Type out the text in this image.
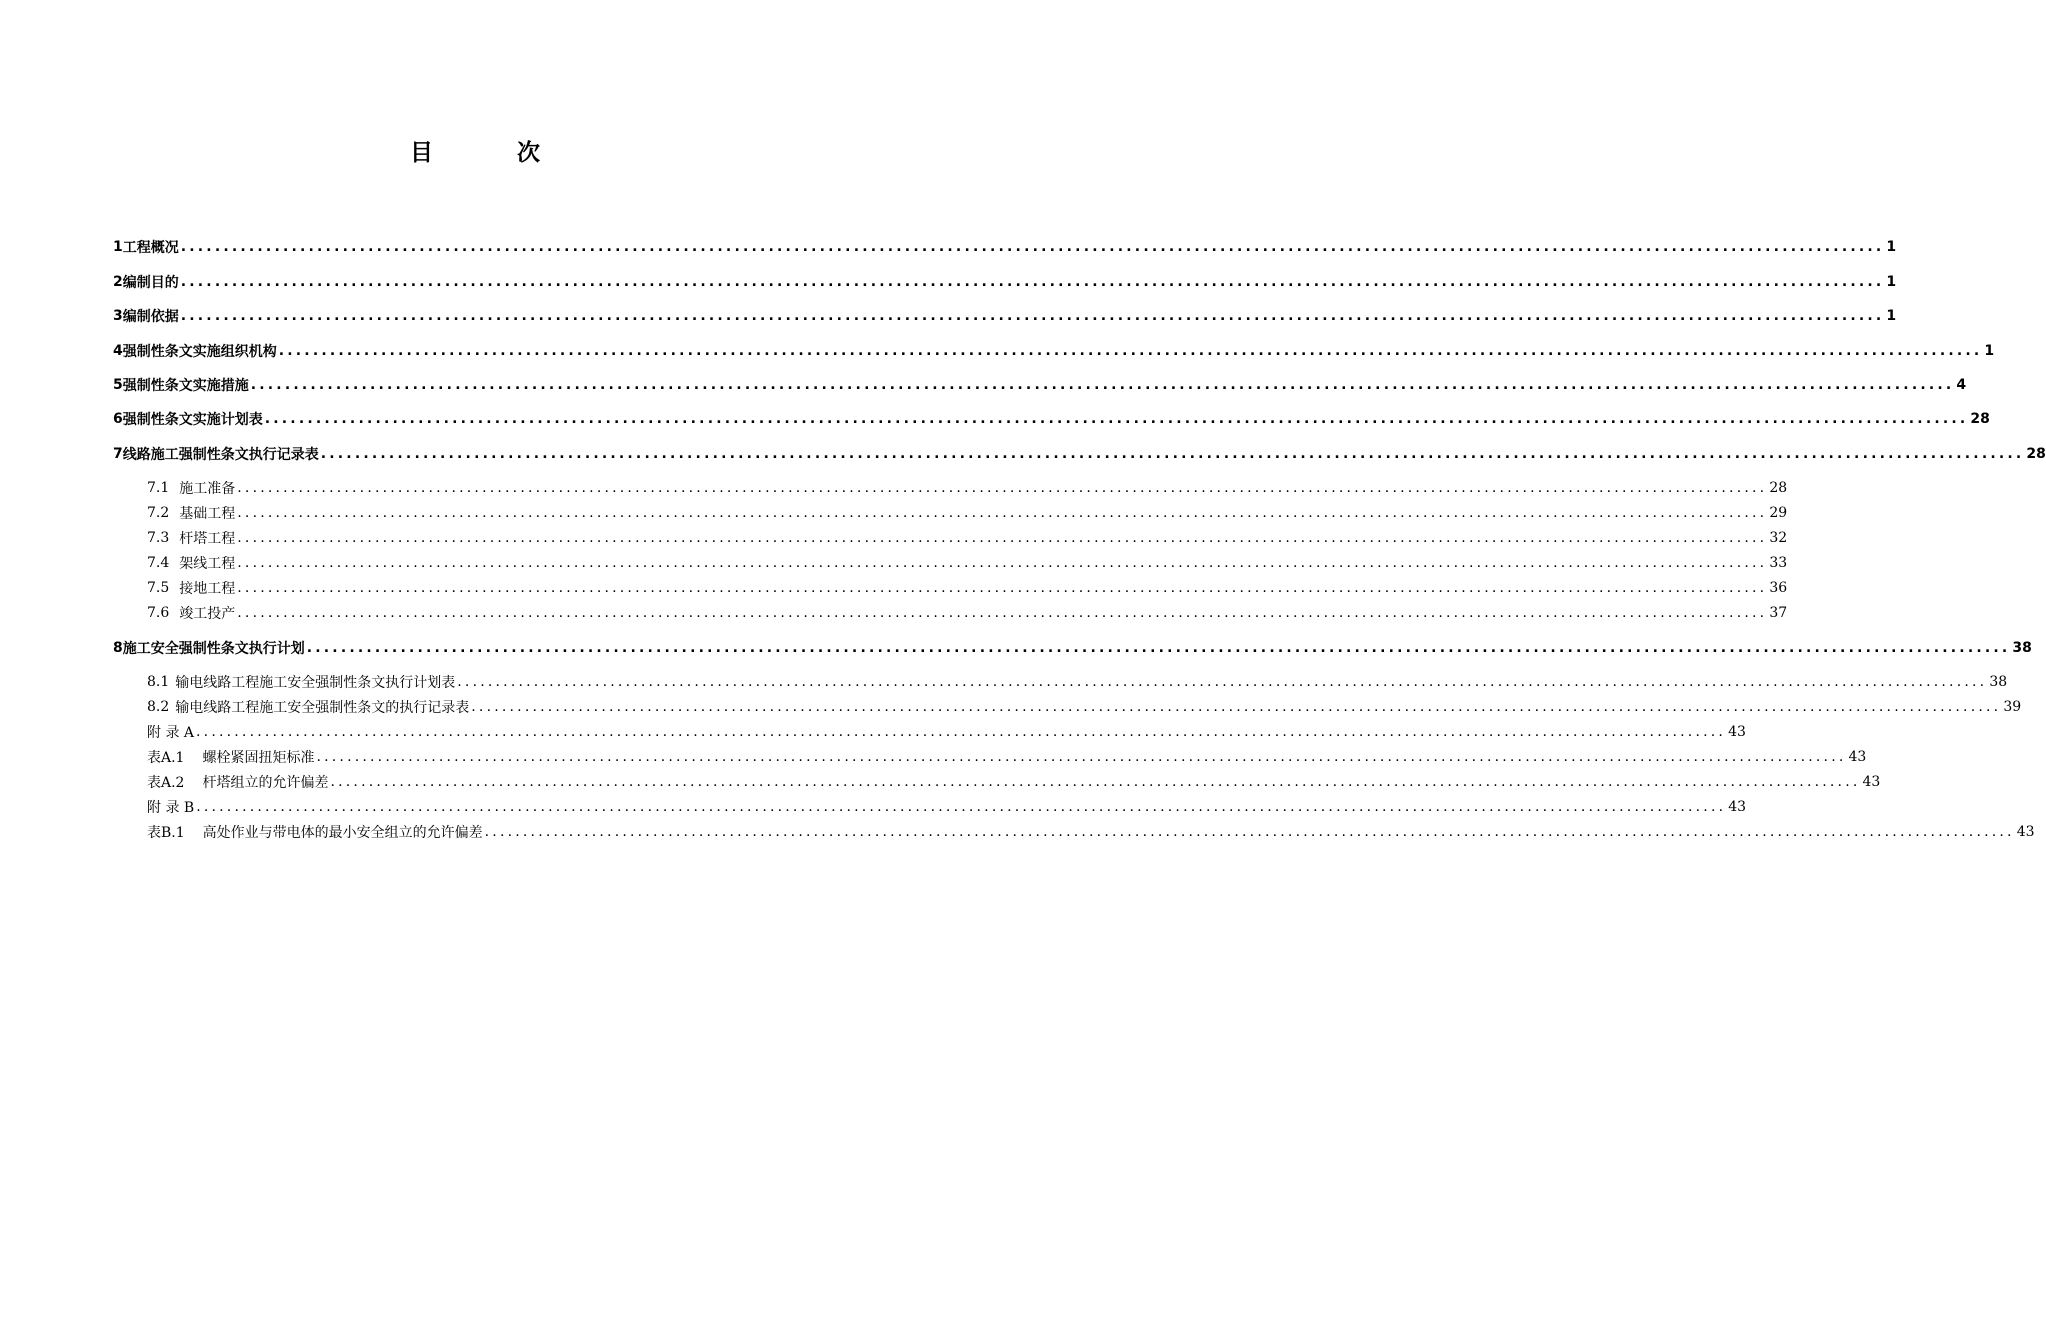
目 次
1 工程概况 ........................................................................................................................................................................................................ 1
2 编制目的 ........................................................................................................................................................................................................ 1
3 编制依据 ........................................................................................................................................................................................................ 1
4 强制性条文实施组织机构 ........................................................................................................................................................................................................ 1
5 强制性条文实施措施 ........................................................................................................................................................................................................ 4
6 强制性条文实施计划表 ........................................................................................................................................................................................................ 28
7 线路施工强制性条文执行记录表 ........................................................................................................................................................................................................ 28
7.1 施工准备 ........................................................................................................................................................................................................ 28
7.2 基础工程 ........................................................................................................................................................................................................ 29
7.3 杆塔工程 ........................................................................................................................................................................................................ 32
7.4 架线工程 ........................................................................................................................................................................................................ 33
7.5 接地工程 ........................................................................................................................................................................................................ 36
7.6 竣工投产 ........................................................................................................................................................................................................ 37
8 施工安全强制性条文执行计划 ........................................................................................................................................................................................................ 38
8.1 输电线路工程施工安全强制性条文执行计划表 ........................................................................................................................................................................................................ 38
8.2 输电线路工程施工安全强制性条文的执行记录表 ........................................................................................................................................................................................................ 39
附 录 A ........................................................................................................................................................................................................ 43
表A.1 螺栓紧固扭矩标准 ........................................................................................................................................................................................................ 43
表A.2 杆塔组立的允许偏差 ........................................................................................................................................................................................................ 43
附 录 B ........................................................................................................................................................................................................ 43
表B.1 高处作业与带电体的最小安全组立的允许偏差 ........................................................................................................................................................................................................ 43
